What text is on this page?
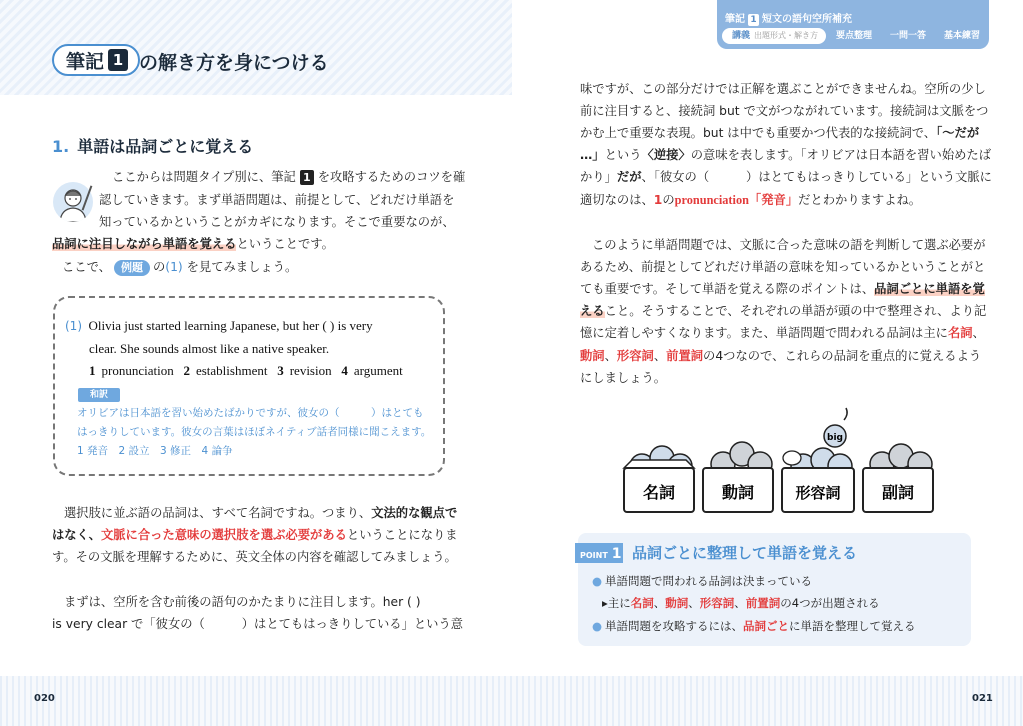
筆記 1 の解き方を身につける
1. 単語は品詞ごとに覚える
ここからは問題タイプ別に、筆記 1 を攻略するためのコツを確
認していきます。まず単語問題は、前提として、どれだけ単語を
知っているかということがカギになります。そこで重要なのが、
品詞に注目しながら単語を覚えるということです。
ここで、 例題 の(1) を見てみましょう。
(1) Olivia just started learning Japanese, but her ( ) is very
clear. She sounds almost like a native speaker.
1 pronunciation 2 establishment 3 revision 4 argument
和訳
オリビアは日本語を習い始めたばかりですが、彼女の（　　　）はとても
はっきりしています。彼女の言葉はほぼネイティブ話者同様に聞こえます。
1 発音　2 設立　3 修正　4 論争
選択肢に並ぶ語の品詞は、すべて名詞ですね。つまり、文法的な観点で
はなく、文脈に合った意味の選択肢を選ぶ必要があるということになりま
す。その文脈を理解するために、英文全体の内容を確認してみましょう。
まずは、空所を含む前後の語句のかたまりに注目します。her ( )
is very clear で「彼女の（　　　）はとてもはっきりしている」という意
筆記 1 短文の語句空所補充
講義 出題形式・解き方	要点整理	一問一答	基本練習
味ですが、この部分だけでは正解を選ぶことができませんね。空所の少し
前に注目すると、接続詞 but で文がつながれています。接続詞は文脈をつ
かむ上で重要な表現。but は中でも重要かつ代表的な接続詞で、「〜だが
…」という〈逆接〉の意味を表します。「オリビアは日本語を習い始めたば
かり」だが、「彼女の（　　　）はとてもはっきりしている」という文脈に
適切なのは、1のpronunciation「発音」だとわかりますよね。
このように単語問題では、文脈に合った意味の語を判断して選ぶ必要が
あるため、前提としてどれだけ単語の意味を知っているかということがと
ても重要です。そして単語を覚える際のポイントは、品詞ごとに単語を覚
えること。そうすることで、それぞれの単語が頭の中で整理され、より記
憶に定着しやすくなります。また、単語問題で問われる品詞は主に名詞、
動詞、形容詞、前置詞の4つなので、これらの品詞を重点的に覚えるよう
にしましょう。
名詞	動詞
big
形容詞	副詞
POINT 1 品詞ごとに整理して単語を覚える
● 単語問題で問われる品詞は決まっている
▸主に名詞、動詞、形容詞、前置詞の4つが出題される
● 単語問題を攻略するには、品詞ごとに単語を整理して覚える
020	021
